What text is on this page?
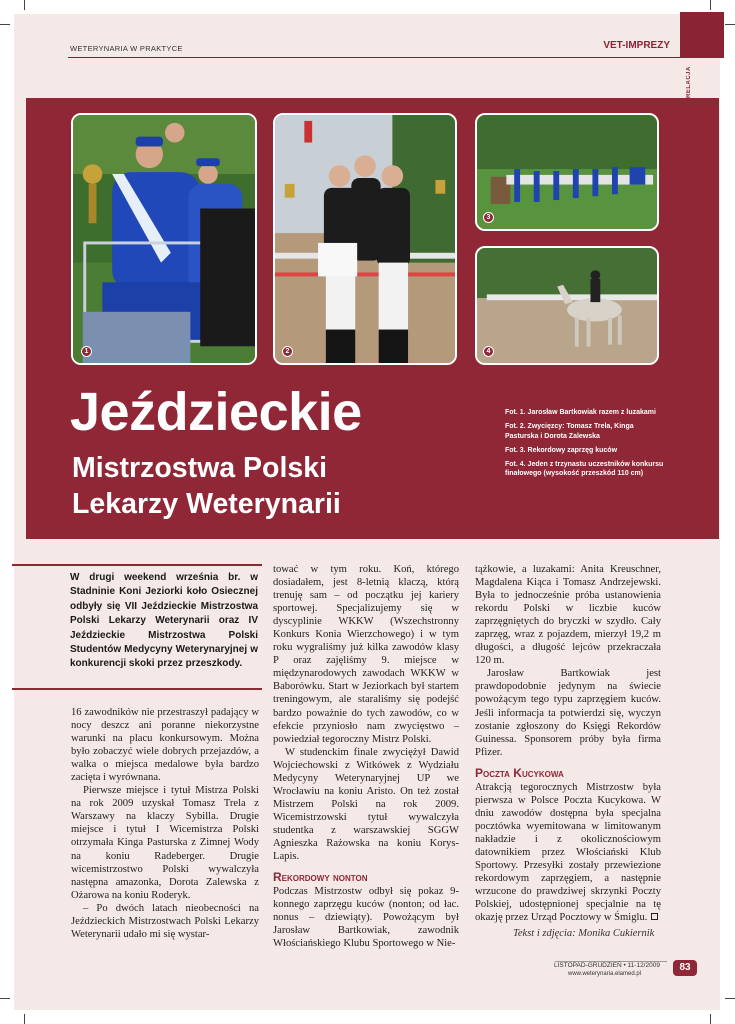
WETERYNARIA W PRAKTYCE	VET-IMPREZY
RELACJA
1	2
3
4
Jeździeckie
Mistrzostwa Polski
Lekarzy Weterynarii

Fot. 1. Jarosław Bartkowiak razem z luzakami

Fot. 2. Zwycięzcy: Tomasz Trela, Kinga Pasturska i Dorota Zalewska

Fot. 3. Rekordowy zaprzęg kuców

Fot. 4. Jeden z trzynastu uczestników konkursu finałowego (wysokość przeszkód 110 cm)

W drugi weekend września br. w Stadninie Koni Jeziorki koło Osiecznej odbyły się VII Jeździeckie Mistrzostwa Polski Lekarzy Weterynarii oraz IV Jeździeckie Mistrzostwa Polski Studentów Medycyny Weterynaryjnej w konkurencji skoki przez przeszkody.

16 zawodników nie przestraszył padający w nocy deszcz ani poranne niekorzystne warunki na placu konkursowym. Można było zobaczyć wiele dobrych przejazdów, a walka o miejsca medalowe była bardzo zacięta i wyrównana.

Pierwsze miejsce i tytuł Mistrza Polski na rok 2009 uzyskał Tomasz Trela z Warszawy na klaczy Sybilla. Drugie miejsce i tytuł I Wicemistrza Polski otrzymała Kinga Pasturska z Zimnej Wody na koniu Radeberger. Drugie wicemistrzostwo Polski wywalczyła następna amazonka, Dorota Zalewska z Ożarowa na koniu Roderyk.

– Po dwóch latach nieobecności na Jeździeckich Mistrzostwach Polski Lekarzy Weterynarii udało mi się wystar-

tować w tym roku. Koń, którego dosiadałem, jest 8-letnią klaczą, którą trenuję sam – od początku jej kariery sportowej. Specjalizujemy się w dyscyplinie WKKW (Wszechstronny Konkurs Konia Wierzchowego) i w tym roku wygraliśmy już kilka zawodów klasy P oraz zajęliśmy 9. miejsce w międzynarodowych zawodach WKKW w Baborówku. Start w Jeziorkach był startem treningowym, ale staraliśmy się podejść bardzo poważnie do tych zawodów, co w efekcie przyniosło nam zwycięstwo – powiedział tegoroczny Mistrz Polski.

W studenckim finale zwyciężył Dawid Wojciechowski z Witkówek z Wydziału Medycyny Weterynaryjnej UP we Wrocławiu na koniu Aristo. On też został Mistrzem Polski na rok 2009. Wicemistrzowski tytuł wywalczyła studentka z warszawskiej SGGW Agnieszka Rażowska na koniu Korys-Lapis.

Rekordowy nonton

Podczas Mistrzostw odbył się pokaz 9-konnego zaprzęgu kuców (nonton; od łac. nonus – dziewiąty). Powożącym był Jarosław Bartkowiak, zawodnik Włościańskiego Klubu Sportowego w Nie-

tążkowie, a luzakami: Anita Kreuschner, Magdalena Kiąca i Tomasz Andrzejewski. Była to jednocześnie próba ustanowienia rekordu Polski w liczbie kuców zaprzęgniętych do bryczki w szydło. Cały zaprzęg, wraz z pojazdem, mierzył 19,2 m długości, a długość lejców przekraczała 120 m.

Jarosław Bartkowiak jest prawdopodobnie jedynym na świecie powożącym tego typu zaprzęgiem kuców. Jeśli informacja ta potwierdzi się, wyczyn zostanie zgłoszony do Księgi Rekordów Guinessa. Sponsorem próby była firma Pfizer.

Poczta Kucykowa

Atrakcją tegorocznych Mistrzostw była pierwsza w Polsce Poczta Kucykowa. W dniu zawodów dostępna była specjalna pocztówka wyemitowana w limitowanym nakładzie i z okolicznościowym datownikiem przez Włościański Klub Sportowy. Przesyłki zostały przewiezione rekordowym zaprzęgiem, a następnie wrzucone do prawdziwej skrzynki Poczty Polskiej, udostępnionej specjalnie na tę okazję przez Urząd Pocztowy w Śmiglu.

Tekst i zdjęcia: Monika Cukiernik
LISTOPAD-GRUDZIEŃ • 11-12/2009
www.weterynaria.elamed.pl
83
